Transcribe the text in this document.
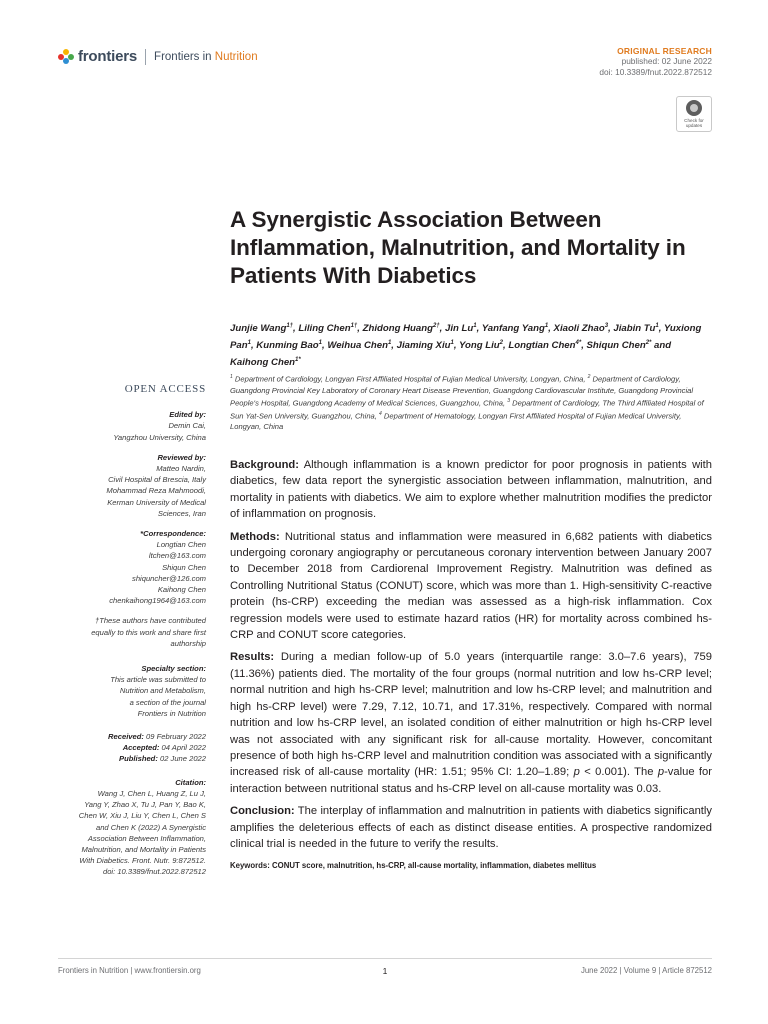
frontiers Frontiers in Nutrition	ORIGINAL RESEARCH
published: 02 June 2022
doi: 10.3389/fnut.2022.872512
Check for updates
A Synergistic Association Between Inflammation, Malnutrition, and Mortality in Patients With Diabetics
Junjie Wang$^{1\dagger}$, Liling Chen$^{1\dagger}$, Zhidong Huang$^{2\dagger}$, Jin Lu$^1$, Yanfang Yang$^1$, Xiaoli Zhao$^3$, Jiabin Tu$^1$, Yuxiong Pan$^1$, Kunming Bao$^1$, Weihua Chen$^1$, Jiaming Xiu$^1$, Yong Liu$^2$, Longtian Chen$^{4*}$, Shiqun Chen$^{2*}$ and Kaihong Chen$^{1*}$
$^1$ Department of Cardiology, Longyan First Affiliated Hospital of Fujian Medical University, Longyan, China, $^2$ Department of Cardiology, Guangdong Provincial Key Laboratory of Coronary Heart Disease Prevention, Guangdong Cardiovascular Institute, Guangdong Provincial People's Hospital, Guangdong Academy of Medical Sciences, Guangzhou, China, $^3$ Department of Cardiology, The Third Affiliated Hospital of Sun Yat-Sen University, Guangzhou, China, $^4$ Department of Hematology, Longyan First Affiliated Hospital of Fujian Medical University, Longyan, China
OPEN ACCESS
Edited by:
Demin Cai,
Yangzhou University, China
Reviewed by:
Matteo Nardin,
Civil Hospital of Brescia, Italy
Mohammad Reza Mahmoodi,
Kerman University of Medical
Sciences, Iran
*Correspondence:
Longtian Chen
ltchen@163.com
Shiqun Chen
shiquncher@126.com
Kaihong Chen
chenkaihong1964@163.com
†These authors have contributed
equally to this work and share first
authorship
Specialty section:
This article was submitted to
Nutrition and Metabolism,
a section of the journal
Frontiers in Nutrition
Received: 09 February 2022
Accepted: 04 April 2022
Published: 02 June 2022
Citation:
Wang J, Chen L, Huang Z, Lu J,
Yang Y, Zhao X, Tu J, Pan Y, Bao K,
Chen W, Xiu J, Liu Y, Chen L, Chen S
and Chen K (2022) A Synergistic
Association Between Inflammation,
Malnutrition, and Mortality in Patients
With Diabetics. Front. Nutr. 9:872512.
doi: 10.3389/fnut.2022.872512

Background: Although inflammation is a known predictor for poor prognosis in patients with diabetics, few data report the synergistic association between inflammation, malnutrition, and mortality in patients with diabetics. We aim to explore whether malnutrition modifies the predictor of inflammation on prognosis.

Methods: Nutritional status and inflammation were measured in 6,682 patients with diabetics undergoing coronary angiography or percutaneous coronary intervention between January 2007 to December 2018 from Cardiorenal Improvement Registry. Malnutrition was defined as Controlling Nutritional Status (CONUT) score, which was more than 1. High-sensitivity C-reactive protein (hs-CRP) exceeding the median was assessed as a high-risk inflammation. Cox regression models were used to estimate hazard ratios (HR) for mortality across combined hs-CRP and CONUT score categories.

Results: During a median follow-up of 5.0 years (interquartile range: 3.0–7.6 years), 759 (11.36%) patients died. The mortality of the four groups (normal nutrition and low hs-CRP level; normal nutrition and high hs-CRP level; malnutrition and low hs-CRP level; and malnutrition and high hs-CRP level) were 7.29, 7.12, 10.71, and 17.31%, respectively. Compared with normal nutrition and low hs-CRP level, an isolated condition of either malnutrition or high hs-CRP level was not associated with any significant risk for all-cause mortality. However, concomitant presence of both high hs-CRP level and malnutrition condition was associated with a significantly increased risk of all-cause mortality (HR: 1.51; 95% CI: 1.20–1.89; p < 0.001). The p-value for interaction between nutritional status and hs-CRP level on all-cause mortality was 0.03.

Conclusion: The interplay of inflammation and malnutrition in patients with diabetics significantly amplifies the deleterious effects of each as distinct disease entities. A prospective randomized clinical trial is needed in the future to verify the results.

Keywords: CONUT score, malnutrition, hs-CRP, all-cause mortality, inflammation, diabetes mellitus
Frontiers in Nutrition | www.frontiersin.org	1	June 2022 | Volume 9 | Article 872512
